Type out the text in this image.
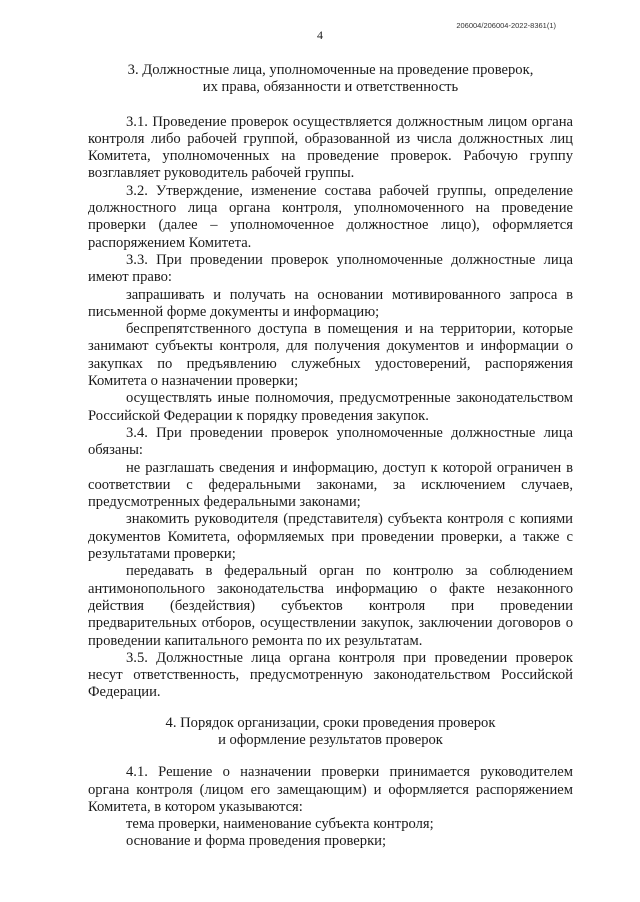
206004/206004-2022-8361(1)
4
3. Должностные лица, уполномоченные на проведение проверок,
их права, обязанности и ответственность

3.1. Проведение проверок осуществляется должностным лицом органа контроля либо рабочей группой, образованной из числа должностных лиц Комитета, уполномоченных на проведение проверок. Рабочую группу возглавляет руководитель рабочей группы.

3.2. Утверждение, изменение состава рабочей группы, определение должностного лица органа контроля, уполномоченного на проведение проверки (далее – уполномоченное должностное лицо), оформляется распоряжением Комитета.

3.3. При проведении проверок уполномоченные должностные лица имеют право:

запрашивать и получать на основании мотивированного запроса в письменной форме документы и информацию;

беспрепятственного доступа в помещения и на территории, которые занимают субъекты контроля, для получения документов и информации о закупках по предъявлению служебных удостоверений, распоряжения Комитета о назначении проверки;

осуществлять иные полномочия, предусмотренные законодательством Российской Федерации к порядку проведения закупок.

3.4. При проведении проверок уполномоченные должностные лица обязаны:

не разглашать сведения и информацию, доступ к которой ограничен в соответствии с федеральными законами, за исключением случаев, предусмотренных федеральными законами;

знакомить руководителя (представителя) субъекта контроля с копиями документов Комитета, оформляемых при проведении проверки, а также с результатами проверки;

передавать в федеральный орган по контролю за соблюдением антимонопольного законодательства информацию о факте незаконного действия (бездействия) субъектов контроля при проведении предварительных отборов, осуществлении закупок, заключении договоров о проведении капитального ремонта по их результатам.

3.5. Должностные лица органа контроля при проведении проверок несут ответственность, предусмотренную законодательством Российской Федерации.

4. Порядок организации, сроки проведения проверок
и оформление результатов проверок

4.1. Решение о назначении проверки принимается руководителем органа контроля (лицом его замещающим) и оформляется распоряжением Комитета, в котором указываются:

тема проверки, наименование субъекта контроля;

основание и форма проведения проверки;
